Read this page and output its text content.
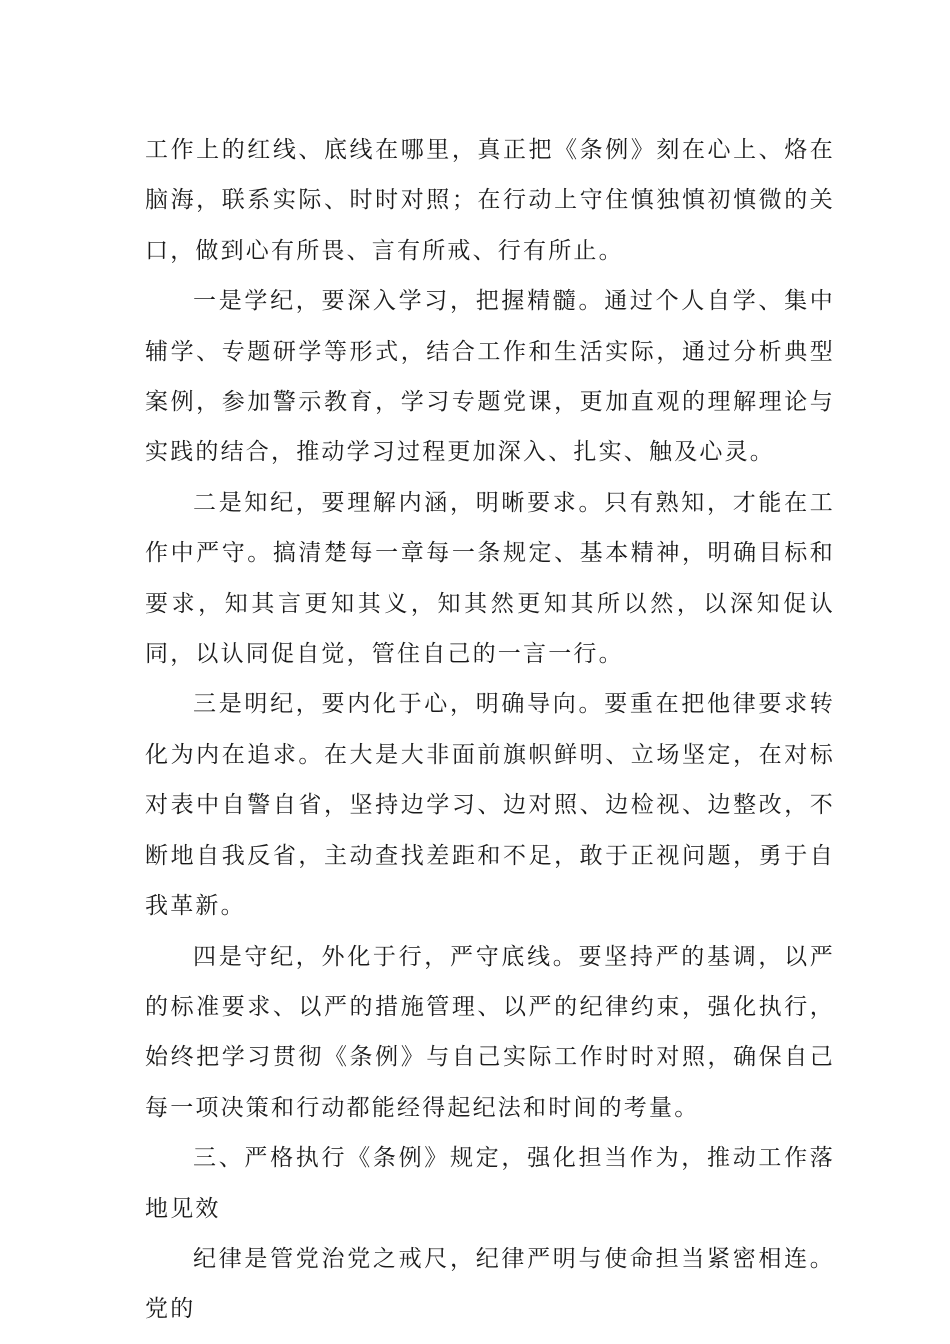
工作上的红线、底线在哪里，真正把《条例》刻在心上、烙在脑海，联系实际、时时对照；在行动上守住慎独慎初慎微的关口，做到心有所畏、言有所戒、行有所止。

一是学纪，要深入学习，把握精髓。通过个人自学、集中辅学、专题研学等形式，结合工作和生活实际，通过分析典型案例，参加警示教育，学习专题党课，更加直观的理解理论与实践的结合，推动学习过程更加深入、扎实、触及心灵。

二是知纪，要理解内涵，明晰要求。只有熟知，才能在工作中严守。搞清楚每一章每一条规定、基本精神，明确目标和要求，知其言更知其义，知其然更知其所以然，以深知促认同，以认同促自觉，管住自己的一言一行。

三是明纪，要内化于心，明确导向。要重在把他律要求转化为内在追求。在大是大非面前旗帜鲜明、立场坚定，在对标对表中自警自省，坚持边学习、边对照、边检视、边整改，不断地自我反省，主动查找差距和不足，敢于正视问题，勇于自我革新。

四是守纪，外化于行，严守底线。要坚持严的基调，以严的标准要求、以严的措施管理、以严的纪律约束，强化执行，始终把学习贯彻《条例》与自己实际工作时时对照，确保自己每一项决策和行动都能经得起纪法和时间的考量。

三、严格执行《条例》规定，强化担当作为，推动工作落地见效

纪律是管党治党之戒尺，纪律严明与使命担当紧密相连。党的
